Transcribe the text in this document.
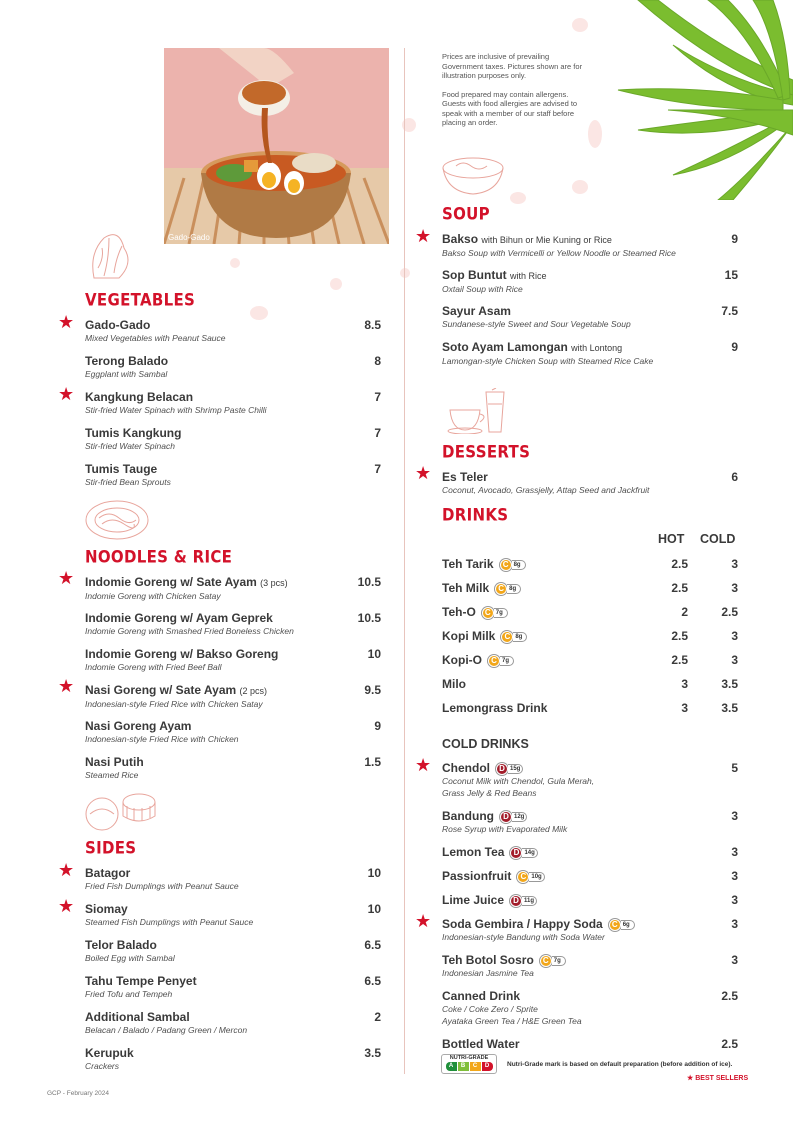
Gado-Gado

Prices are inclusive of prevailing Government taxes. Pictures shown are for illustration purposes only.

Food prepared may contain allergens. Guests with food allergies are advised to speak with a member of our staff before placing an order.

VEGETABLES
★ Gado-Gado
Mixed Vegetables with Peanut Sauce
8.5
Terong Balado
Eggplant with Sambal
8
★ Kangkung Belacan
Stir-fried Water Spinach with Shrimp Paste Chilli
7
Tumis Kangkung
Stir-fried Water Spinach
7
Tumis Tauge
Stir-fried Bean Sprouts
7
NOODLES & RICE
★ Indomie Goreng w/ Sate Ayam (3 pcs)
Indomie Goreng with Chicken Satay
10.5
Indomie Goreng w/ Ayam Geprek
Indomie Goreng with Smashed Fried Boneless Chicken
10.5
Indomie Goreng w/ Bakso Goreng
Indomie Goreng with Fried Beef Ball
10
★ Nasi Goreng w/ Sate Ayam (2 pcs)
Indonesian-style Fried Rice with Chicken Satay
9.5
Nasi Goreng Ayam
Indonesian-style Fried Rice with Chicken
9
Nasi Putih
Steamed Rice
1.5
SIDES
★ Batagor
Fried Fish Dumplings with Peanut Sauce
10
★ Siomay
Steamed Fish Dumplings with Peanut Sauce
10
Telor Balado
Boiled Egg with Sambal
6.5
Tahu Tempe Penyet
Fried Tofu and Tempeh
6.5
Additional Sambal
Belacan / Balado / Padang Green / Mercon
2
Kerupuk
Crackers
3.5
SOUP
★ Bakso with Bihun or Mie Kuning or Rice
Bakso Soup with Vermicelli or Yellow Noodle or Steamed Rice
9
Sop Buntut with Rice
Oxtail Soup with Rice
15
Sayur Asam
Sundanese-style Sweet and Sour Vegetable Soup
7.5
Soto Ayam Lamongan with Lontong
Lamongan-style Chicken Soup with Steamed Rice Cake
9
DESSERTS
★ Es Teler
Coconut, Avocado, Grassjelly, Attap Seed and Jackfruit
6
DRINKS
HOT COLD
Teh Tarik	C 8g	2.5	3
Teh Milk	C 8g	2.5	3
Teh-O	C 7g	2	2.5
Kopi Milk	C 8g	2.5	3
Kopi-O	C 7g	2.5	3
Milo	3	3.5
Lemongrass Drink	3	3.5
COLD DRINKS
★ Chendol	D 15g
Coconut Milk with Chendol, Gula Merah,
Grass Jelly & Red Beans
5
Bandung	D 12g
Rose Syrup with Evaporated Milk
3
Lemon Tea	D 14g	3
Passionfruit	C 10g	3
Lime Juice	D 11g	3
★ Soda Gembira / Happy Soda	C 6g
Indonesian-style Bandung with Soda Water
3
Teh Botol Sosro	C 7g
Indonesian Jasmine Tea
3
Canned Drink
Coke / Coke Zero / Sprite
Ayataka Green Tea / H&E Green Tea
2.5
Bottled Water	2.5
NUTRI-GRADE
A	B	C	D	Nutri-Grade mark is based on default preparation (before addition of ice).
★ BEST SELLERS
GCP - February 2024
